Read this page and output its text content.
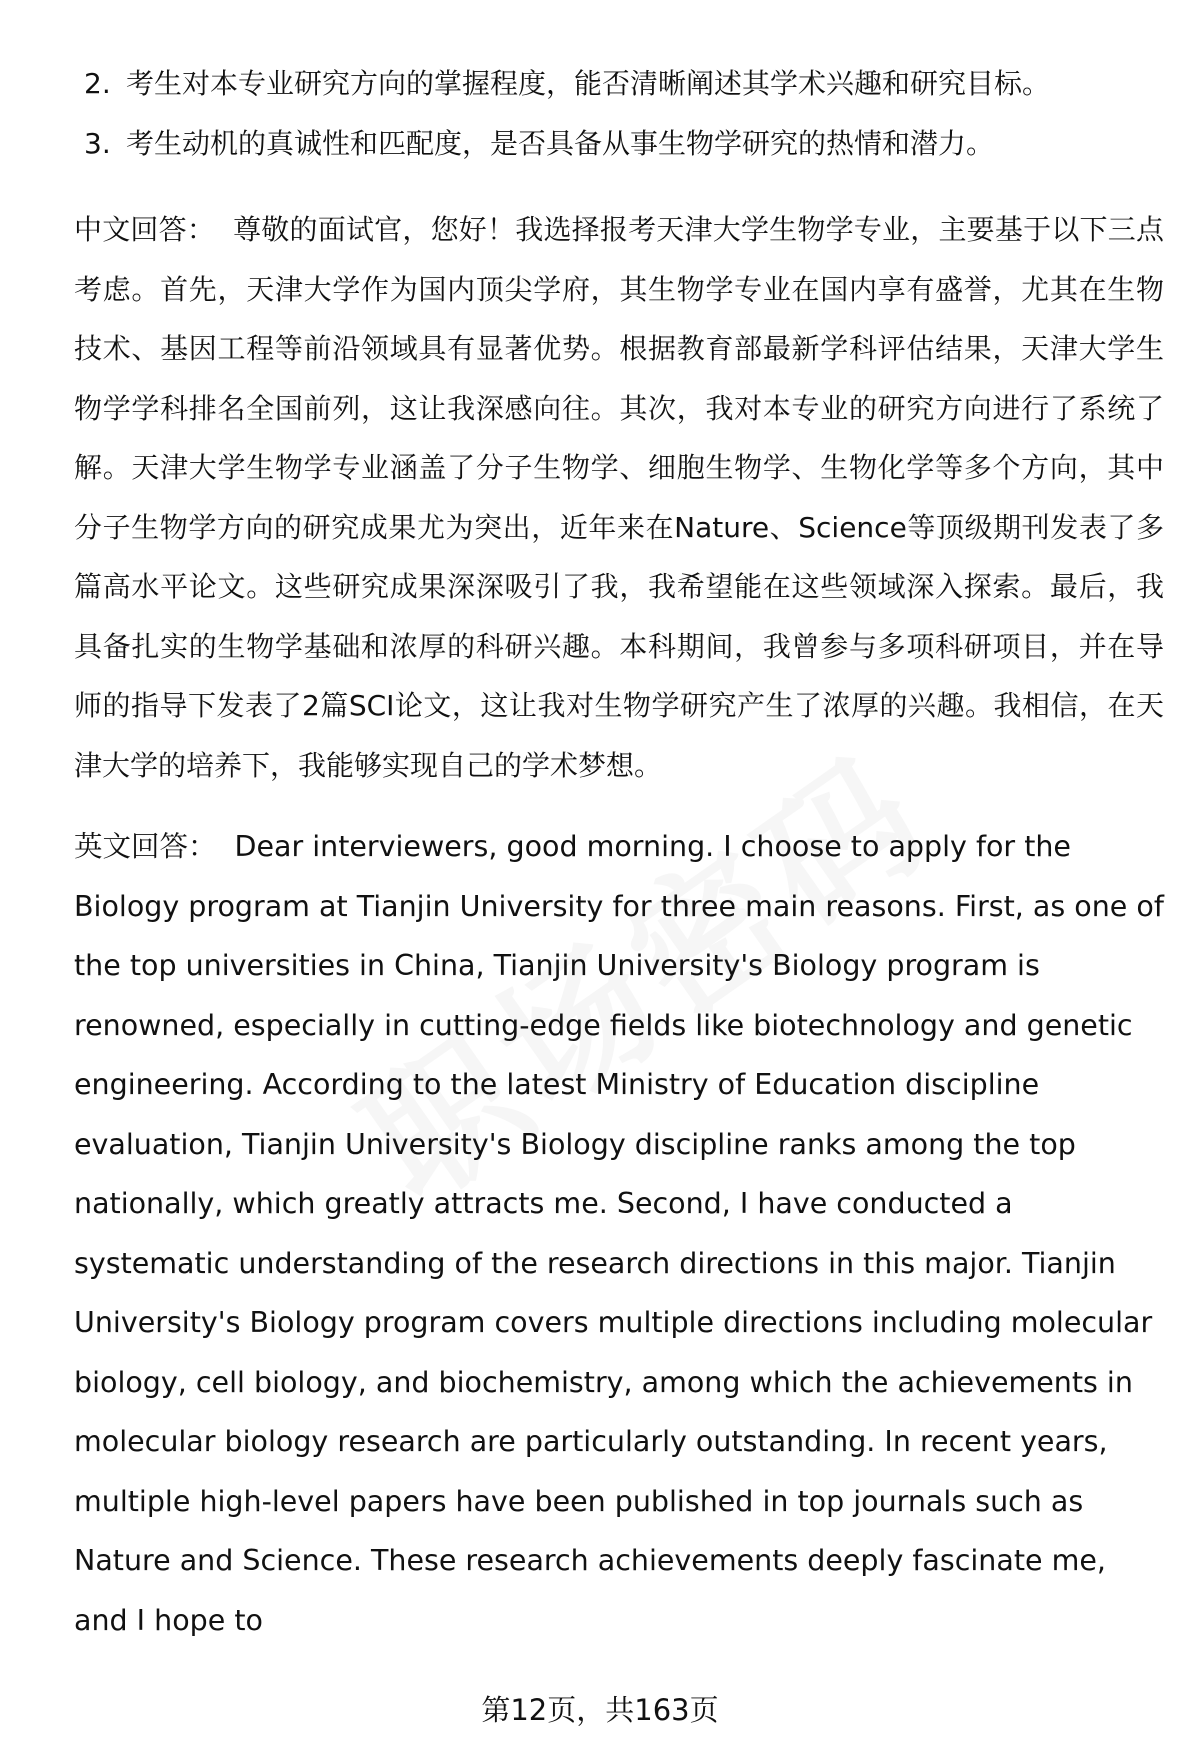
2. 考生对本专业研究方向的掌握程度，能否清晰阐述其学术兴趣和研究目标。
3. 考生动机的真诚性和匹配度，是否具备从事生物学研究的热情和潜力。

中文回答： 尊敬的面试官，您好！我选择报考天津大学生物学专业，主要基于以下三点考虑。首先，天津大学作为国内顶尖学府，其生物学专业在国内享有盛誉，尤其在生物技术、基因工程等前沿领域具有显著优势。根据教育部最新学科评估结果，天津大学生物学学科排名全国前列，这让我深感向往。其次，我对本专业的研究方向进行了系统了解。天津大学生物学专业涵盖了分子生物学、细胞生物学、生物化学等多个方向，其中分子生物学方向的研究成果尤为突出，近年来在Nature、Science等顶级期刊发表了多篇高水平论文。这些研究成果深深吸引了我，我希望能在这些领域深入探索。最后，我具备扎实的生物学基础和浓厚的科研兴趣。本科期间，我曾参与多项科研项目，并在导师的指导下发表了2篇SCI论文，这让我对生物学研究产生了浓厚的兴趣。我相信，在天津大学的培养下，我能够实现自己的学术梦想。

英文回答： Dear interviewers, good morning. I choose to apply for the Biology program at Tianjin University for three main reasons. First, as one of the top universities in China, Tianjin University's Biology program is renowned, especially in cutting-edge fields like biotechnology and genetic engineering. According to the latest Ministry of Education discipline evaluation, Tianjin University's Biology discipline ranks among the top nationally, which greatly attracts me. Second, I have conducted a systematic understanding of the research directions in this major. Tianjin University's Biology program covers multiple directions including molecular biology, cell biology, and biochemistry, among which the achievements in molecular biology research are particularly outstanding. In recent years, multiple high-level papers have been published in top journals such as Nature and Science. These research achievements deeply fascinate me, and I hope to

第12页，共163页
